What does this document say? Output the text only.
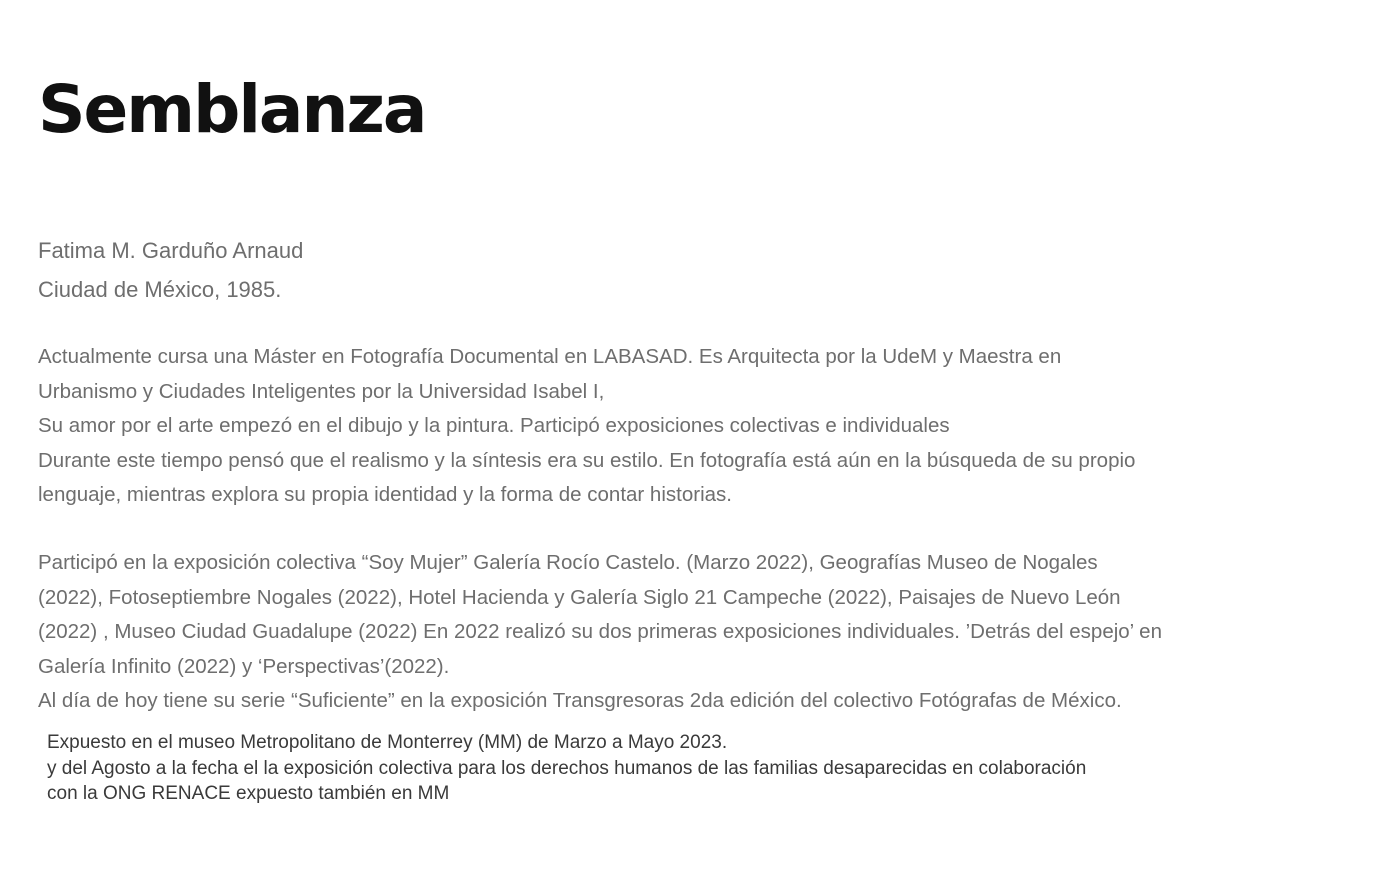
Semblanza
Fatima M. Garduño Arnaud
Ciudad de México, 1985.
Actualmente cursa una Máster en Fotografía Documental en LABASAD. Es Arquitecta por la UdeM y Maestra en
Urbanismo y Ciudades Inteligentes por la Universidad Isabel I,
Su amor por el arte empezó en el dibujo y la pintura. Participó exposiciones colectivas e individuales
Durante este tiempo pensó que el realismo y la síntesis era su estilo. En fotografía está aún en la búsqueda de su propio
lenguaje, mientras explora su propia identidad y la forma de contar historias.
Participó en la exposición colectiva “Soy Mujer” Galería Rocío Castelo. (Marzo 2022), Geografías Museo de Nogales
(2022), Fotoseptiembre Nogales (2022), Hotel Hacienda y Galería Siglo 21 Campeche (2022), Paisajes de Nuevo León
(2022) , Museo Ciudad Guadalupe (2022) En 2022 realizó su dos primeras exposiciones individuales. ’Detrás del espejo’ en
Galería Infinito (2022) y ‘Perspectivas’(2022).
Al día de hoy tiene su serie “Suficiente” en la exposición Transgresoras 2da edición del colectivo Fotógrafas de México.
Expuesto en el museo Metropolitano de Monterrey (MM) de Marzo a Mayo 2023.
y del Agosto a la fecha el la exposición colectiva para los derechos humanos de las familias desaparecidas en colaboración
con la ONG RENACE expuesto también en MM
